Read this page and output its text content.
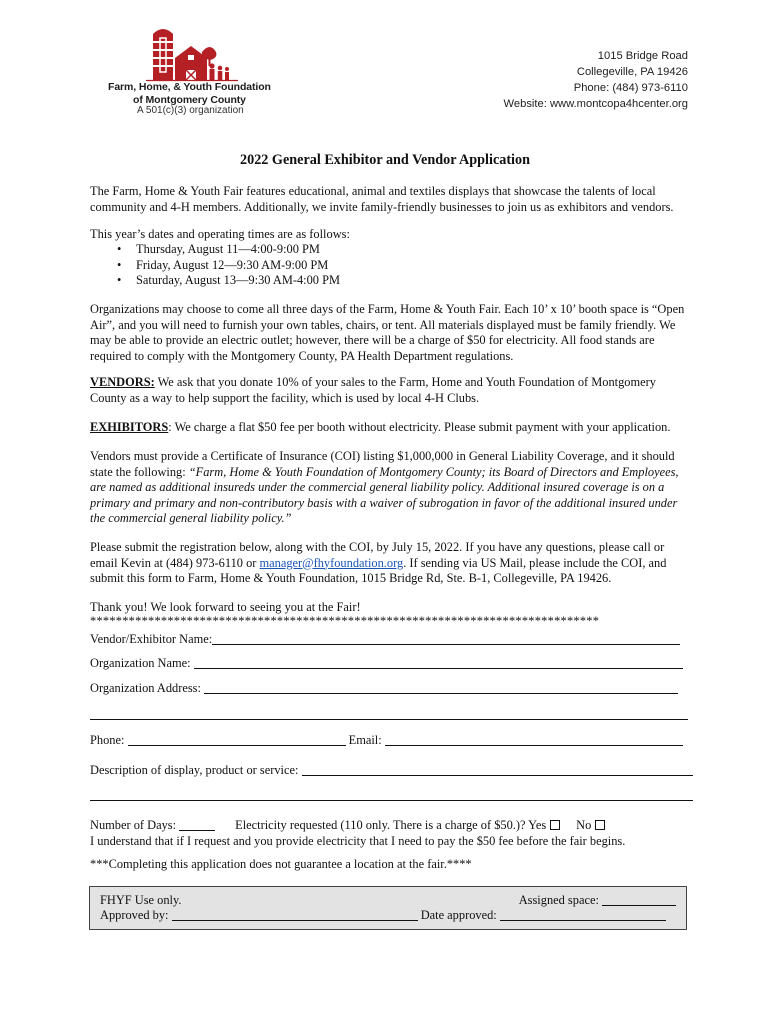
Farm, Home, & Youth Foundation
of Montgomery County
A 501(c)(3) organization
1015 Bridge Road
Collegeville, PA 19426
Phone: (484) 973-6110
Website: www.montcopa4hcenter.org
2022 General Exhibitor and Vendor Application
The Farm, Home & Youth Fair features educational, animal and textiles displays that showcase the talents of local community and 4-H members. Additionally, we invite family-friendly businesses to join us as exhibitors and vendors.
This year’s dates and operating times are as follows:
• Thursday, August 11—4:00-9:00 PM
• Friday, August 12—9:30 AM-9:00 PM
• Saturday, August 13—9:30 AM-4:00 PM
Organizations may choose to come all three days of the Farm, Home & Youth Fair. Each 10’ x 10’ booth space is “Open Air”, and you will need to furnish your own tables, chairs, or tent. All materials displayed must be family friendly. We may be able to provide an electric outlet; however, there will be a charge of $50 for electricity. All food stands are required to comply with the Montgomery County, PA Health Department regulations.
VENDORS: We ask that you donate 10% of your sales to the Farm, Home and Youth Foundation of Montgomery County as a way to help support the facility, which is used by local 4-H Clubs.
EXHIBITORS: We charge a flat $50 fee per booth without electricity. Please submit payment with your application.
Vendors must provide a Certificate of Insurance (COI) listing $1,000,000 in General Liability Coverage, and it should state the following: “Farm, Home & Youth Foundation of Montgomery County; its Board of Directors and Employees, are named as additional insureds under the commercial general liability policy. Additional insured coverage is on a primary and primary and non-contributory basis with a waiver of subrogation in favor of the additional insured under the commercial general liability policy.”
Please submit the registration below, along with the COI, by July 15, 2022. If you have any questions, please call or email Kevin at (484) 973-6110 or manager@fhyfoundation.org. If sending via US Mail, please include the COI, and submit this form to Farm, Home & Youth Foundation, 1015 Bridge Rd, Ste. B-1, Collegeville, PA 19426.
Thank you! We look forward to seeing you at the Fair!
*******************************************************************************
Vendor/Exhibitor Name:
Organization Name:
Organization Address:
Phone:	Email:
Description of display, product or service:
Number of Days:	Electricity requested (110 only. There is a charge of $50.)? Yes No
I understand that if I request and you provide electricity that I need to pay the $50 fee before the fair begins.
***Completing this application does not guarantee a location at the fair.****
FHYF Use only.	Assigned space:
Approved by:	Date approved:
